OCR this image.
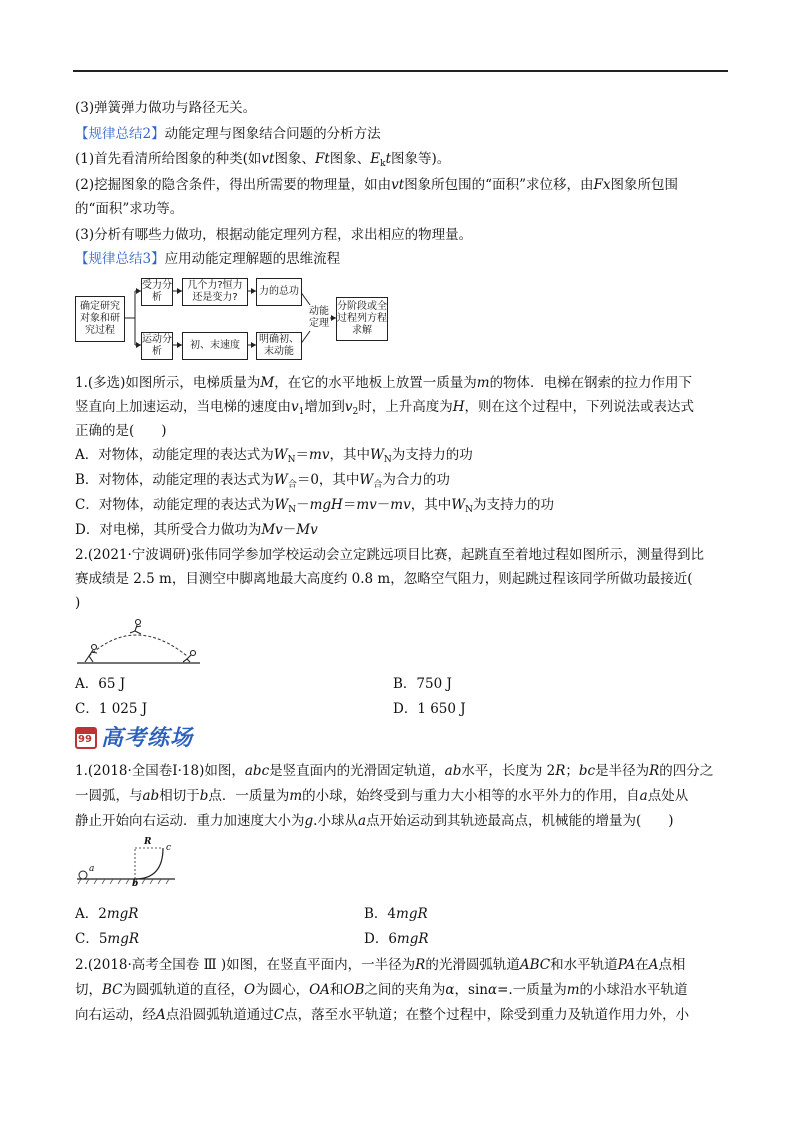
(3)弹簧弹力做功与路径无关。
【规律总结2】动能定理与图象结合问题的分析方法
(1)首先看清所给图象的种类(如vt图象、Ft图象、$E_kt$图象等)。
(2)挖掘图象的隐含条件，得出所需要的物理量，如由vt图象所包围的“面积”求位移，由Fx图象所包围
的“面积”求功等。
(3)分析有哪些力做功，根据动能定理列方程，求出相应的物理量。
【规律总结3】应用动能定理解题的思维流程
确定研究对象和研究过程
受力分析
几个力?恒力还是变力?
力的总功
运动分析
初、末速度
明确初、末动能
动能定理
分阶段或全过程列方程求解
1.(多选)如图所示，电梯质量为M，在它的水平地板上放置一质量为m的物体．电梯在钢索的拉力作用下
竖直向上加速运动，当电梯的速度由$v_1$增加到$v_2$时，上升高度为H，则在这个过程中，下列说法或表达式
正确的是(　　)
A．对物体，动能定理的表达式为$W_N=mv$，其中$W_N$为支持力的功
B．对物体，动能定理的表达式为$W_合=0$，其中$W_合$为合力的功
C．对物体，动能定理的表达式为$W_N-mgH=mv-mv$，其中$W_N$为支持力的功
D．对电梯，其所受合力做功为Mv－Mv
2.(2021·宁波调研)张伟同学参加学校运动会立定跳远项目比赛，起跳直至着地过程如图所示，测量得到比
赛成绩是 2.5 m，目测空中脚离地最大高度约 0.8 m，忽略空气阻力，则起跳过程该同学所做功最接近(
)
A．65 J	B．750 J
C．1 025 J	D．1 650 J
99 高考练场
1.(2018·全国卷Ⅰ·18)如图，abc是竖直面内的光滑固定轨道，ab水平，长度为 2R；bc是半径为R的四分之
一圆弧，与ab相切于b点．一质量为m的小球，始终受到与重力大小相等的水平外力的作用，自a点处从
静止开始向右运动．重力加速度大小为g.小球从a点开始运动到其轨迹最高点，机械能的增量为(　　)
R
c
a
b
A．2mgR	B．4mgR
C．5mgR	D．6mgR
2.(2018·高考全国卷 Ⅲ )如图，在竖直平面内，一半径为R的光滑圆弧轨道ABC和水平轨道PA在A点相
切，BC为圆弧轨道的直径，O为圆心，OA和OB之间的夹角为α，sinα=.一质量为m的小球沿水平轨道
向右运动，经A点沿圆弧轨道通过C点，落至水平轨道；在整个过程中，除受到重力及轨道作用力外，小
